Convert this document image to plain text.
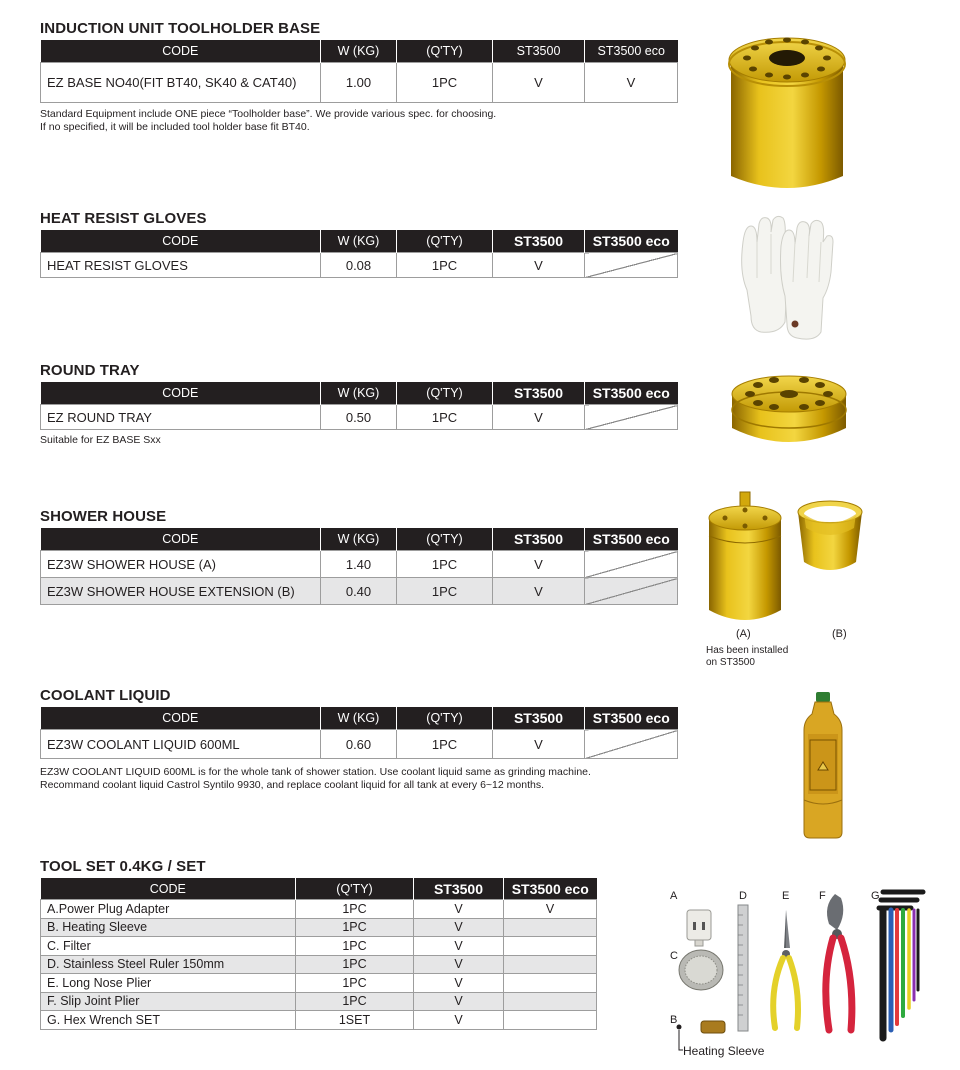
INDUCTION UNIT TOOLHOLDER BASE
CODE	W (KG)	(Q'TY)	ST3500	ST3500 eco
EZ BASE NO40(FIT BT40, SK40 & CAT40)	1.00	1PC	V	V
Standard Equipment include ONE piece “Toolholder base”. We provide various spec. for choosing.
If no specified, it will be included tool holder base fit BT40.
HEAT RESIST GLOVES
CODE	W (KG)	(Q'TY)	ST3500	ST3500 eco
HEAT RESIST GLOVES	0.08	1PC	V	
ROUND TRAY
CODE	W (KG)	(Q'TY)	ST3500	ST3500 eco
EZ ROUND TRAY	0.50	1PC	V	
Suitable for EZ BASE Sxx
SHOWER HOUSE
CODE	W (KG)	(Q'TY)	ST3500	ST3500 eco
EZ3W SHOWER HOUSE (A)	1.40	1PC	V	
EZ3W SHOWER HOUSE EXTENSION (B)	0.40	1PC	V	
(A)	(B)
Has been installed
on ST3500
COOLANT LIQUID
CODE	W (KG)	(Q'TY)	ST3500	ST3500 eco
EZ3W COOLANT LIQUID 600ML	0.60	1PC	V	
EZ3W COOLANT LIQUID 600ML is for the whole tank of shower station. Use coolant liquid same as grinding machine.
Recommand coolant liquid Castrol Syntilo 9930, and replace coolant liquid for all tank at every 6~12 months.
TOOL SET 0.4KG / SET
CODE	(Q'TY)	ST3500	ST3500 eco
A.Power Plug Adapter	1PC	V	V
B. Heating Sleeve	1PC	V	
C. Filter	1PC	V	
D. Stainless Steel Ruler 150mm	1PC	V	
E. Long Nose Plier	1PC	V	
F. Slip Joint Plier	1PC	V	
G. Hex Wrench SET	1SET	V	
A	D	E	F	G
C
B
Heating Sleeve
